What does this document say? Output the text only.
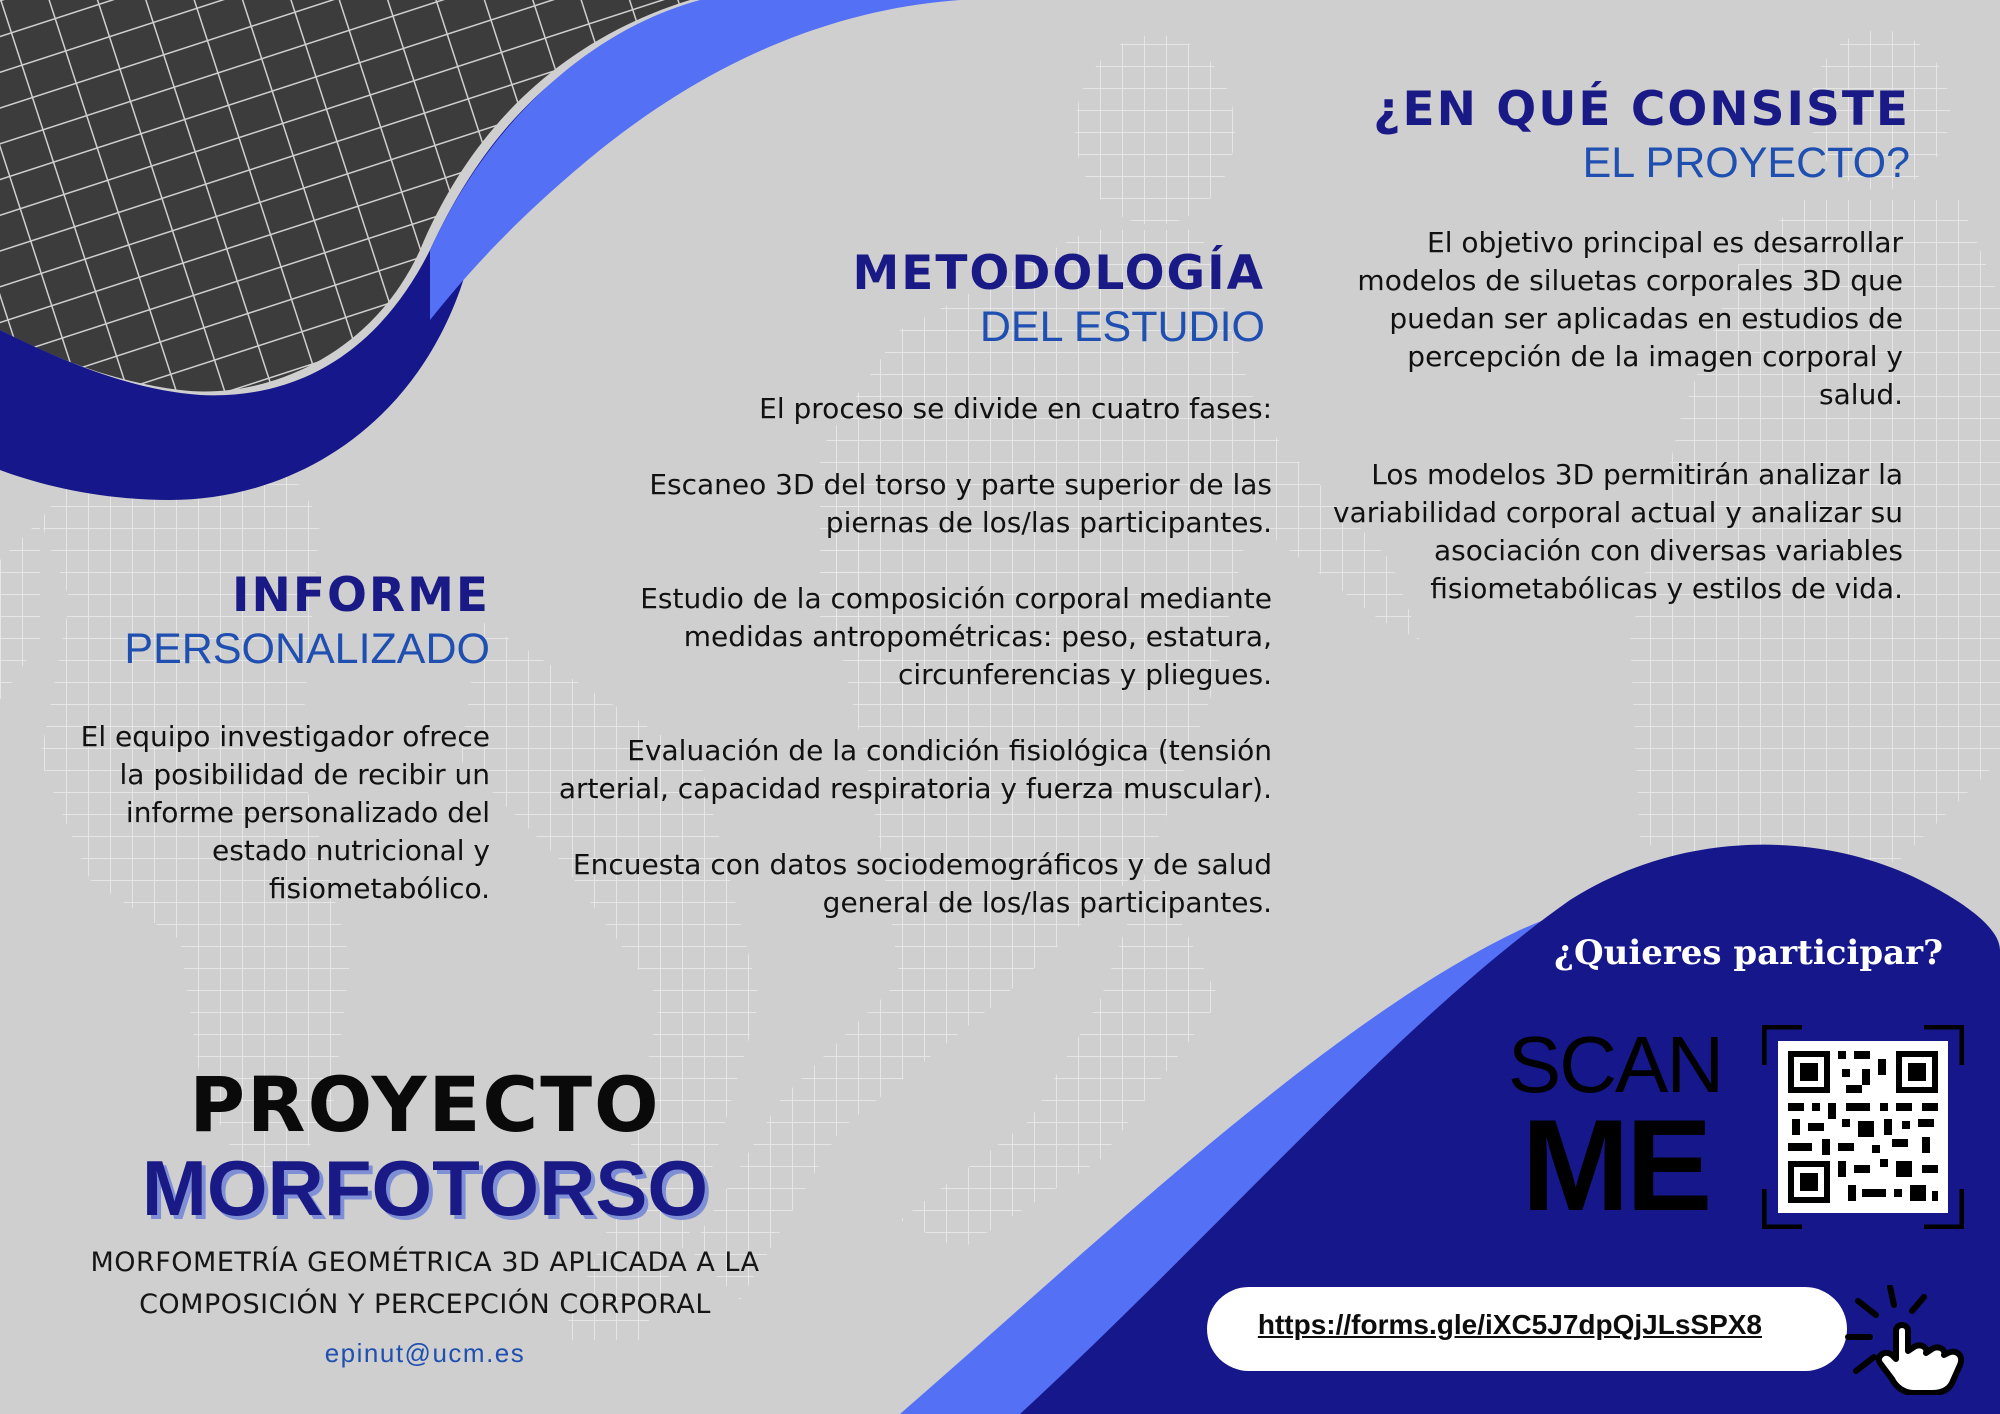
¿EN QUÉ CONSISTE

EL PROYECTO?

El objetivo principal es desarrollar modelos de siluetas corporales 3D que puedan ser aplicadas en estudios de percepción de la imagen corporal y salud.

Los modelos 3D permitirán analizar la variabilidad corporal actual y analizar su asociación con diversas variables fisiometabólicas y estilos de vida.

METODOLOGÍA

DEL ESTUDIO

El proceso se divide en cuatro fases:

Escaneo 3D del torso y parte superior de las piernas de los/las participantes.

Estudio de la composición corporal mediante medidas antropométricas: peso, estatura, circunferencias y pliegues.

Evaluación de la condición fisiológica (tensión arterial, capacidad respiratoria y fuerza muscular).

Encuesta con datos sociodemográficos y de salud general de los/las participantes.

INFORME

PERSONALIZADO

El equipo investigador ofrece la posibilidad de recibir un informe personalizado del estado nutricional y fisiometabólico.

PROYECTO

MORFOTORSO

MORFOMETRÍA GEOMÉTRICA 3D APLICADA A LA

COMPOSICIÓN Y PERCEPCIÓN CORPORAL

epinut@ucm.es

¿Quieres participar?
SCAN
ME
https://forms.gle/iXC5J7dpQjJLsSPX8
